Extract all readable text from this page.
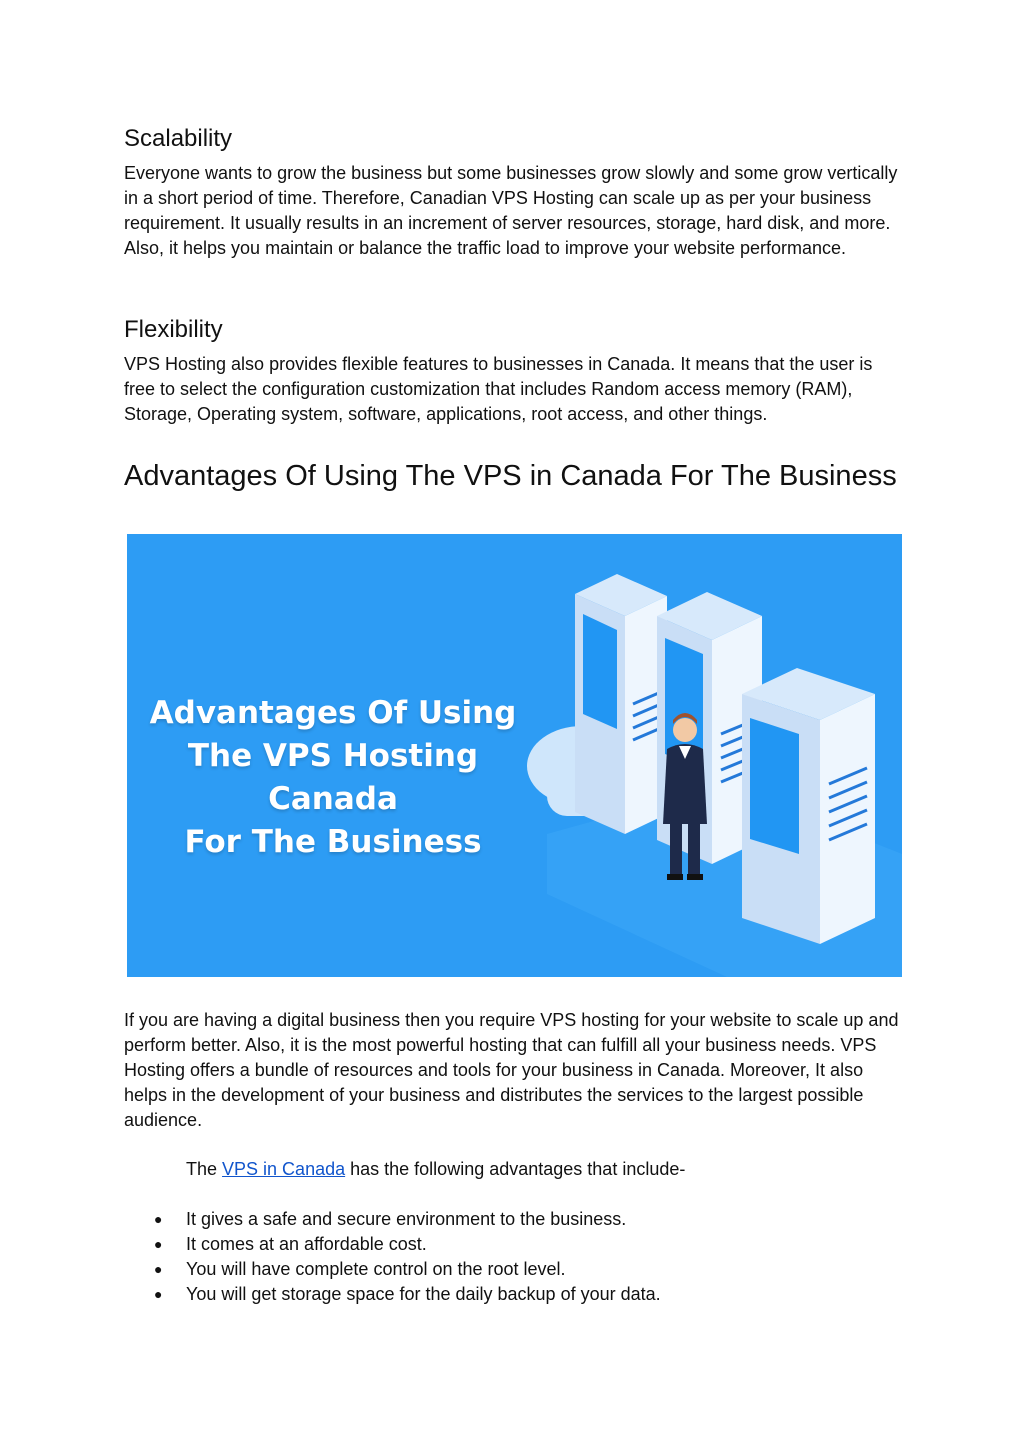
Scalability

Everyone wants to grow the business but some businesses grow slowly and some grow vertically in a short period of time. Therefore, Canadian VPS Hosting can scale up as per your business requirement. It usually results in an increment of server resources, storage, hard disk, and more. Also, it helps you maintain or balance the traffic load to improve your website performance.

Flexibility

VPS Hosting also provides flexible features to businesses in Canada. It means that the user is free to select the configuration customization that includes Random access memory (RAM), Storage, Operating system, software, applications, root access, and other things.

Advantages Of Using The VPS in Canada For The Business
Advantages Of Using
The VPS Hosting Canada
For The Business

If you are having a digital business then you require VPS hosting for your website to scale up and perform better. Also, it is the most powerful hosting that can fulfill all your business needs. VPS Hosting offers a bundle of resources and tools for your business in Canada. Moreover, It also helps in the development of your business and distributes the services to the largest possible audience.

The VPS in Canada has the following advantages that include-

● It gives a safe and secure environment to the business.
● It comes at an affordable cost.
● You will have complete control on the root level.
● You will get storage space for the daily backup of your data.
